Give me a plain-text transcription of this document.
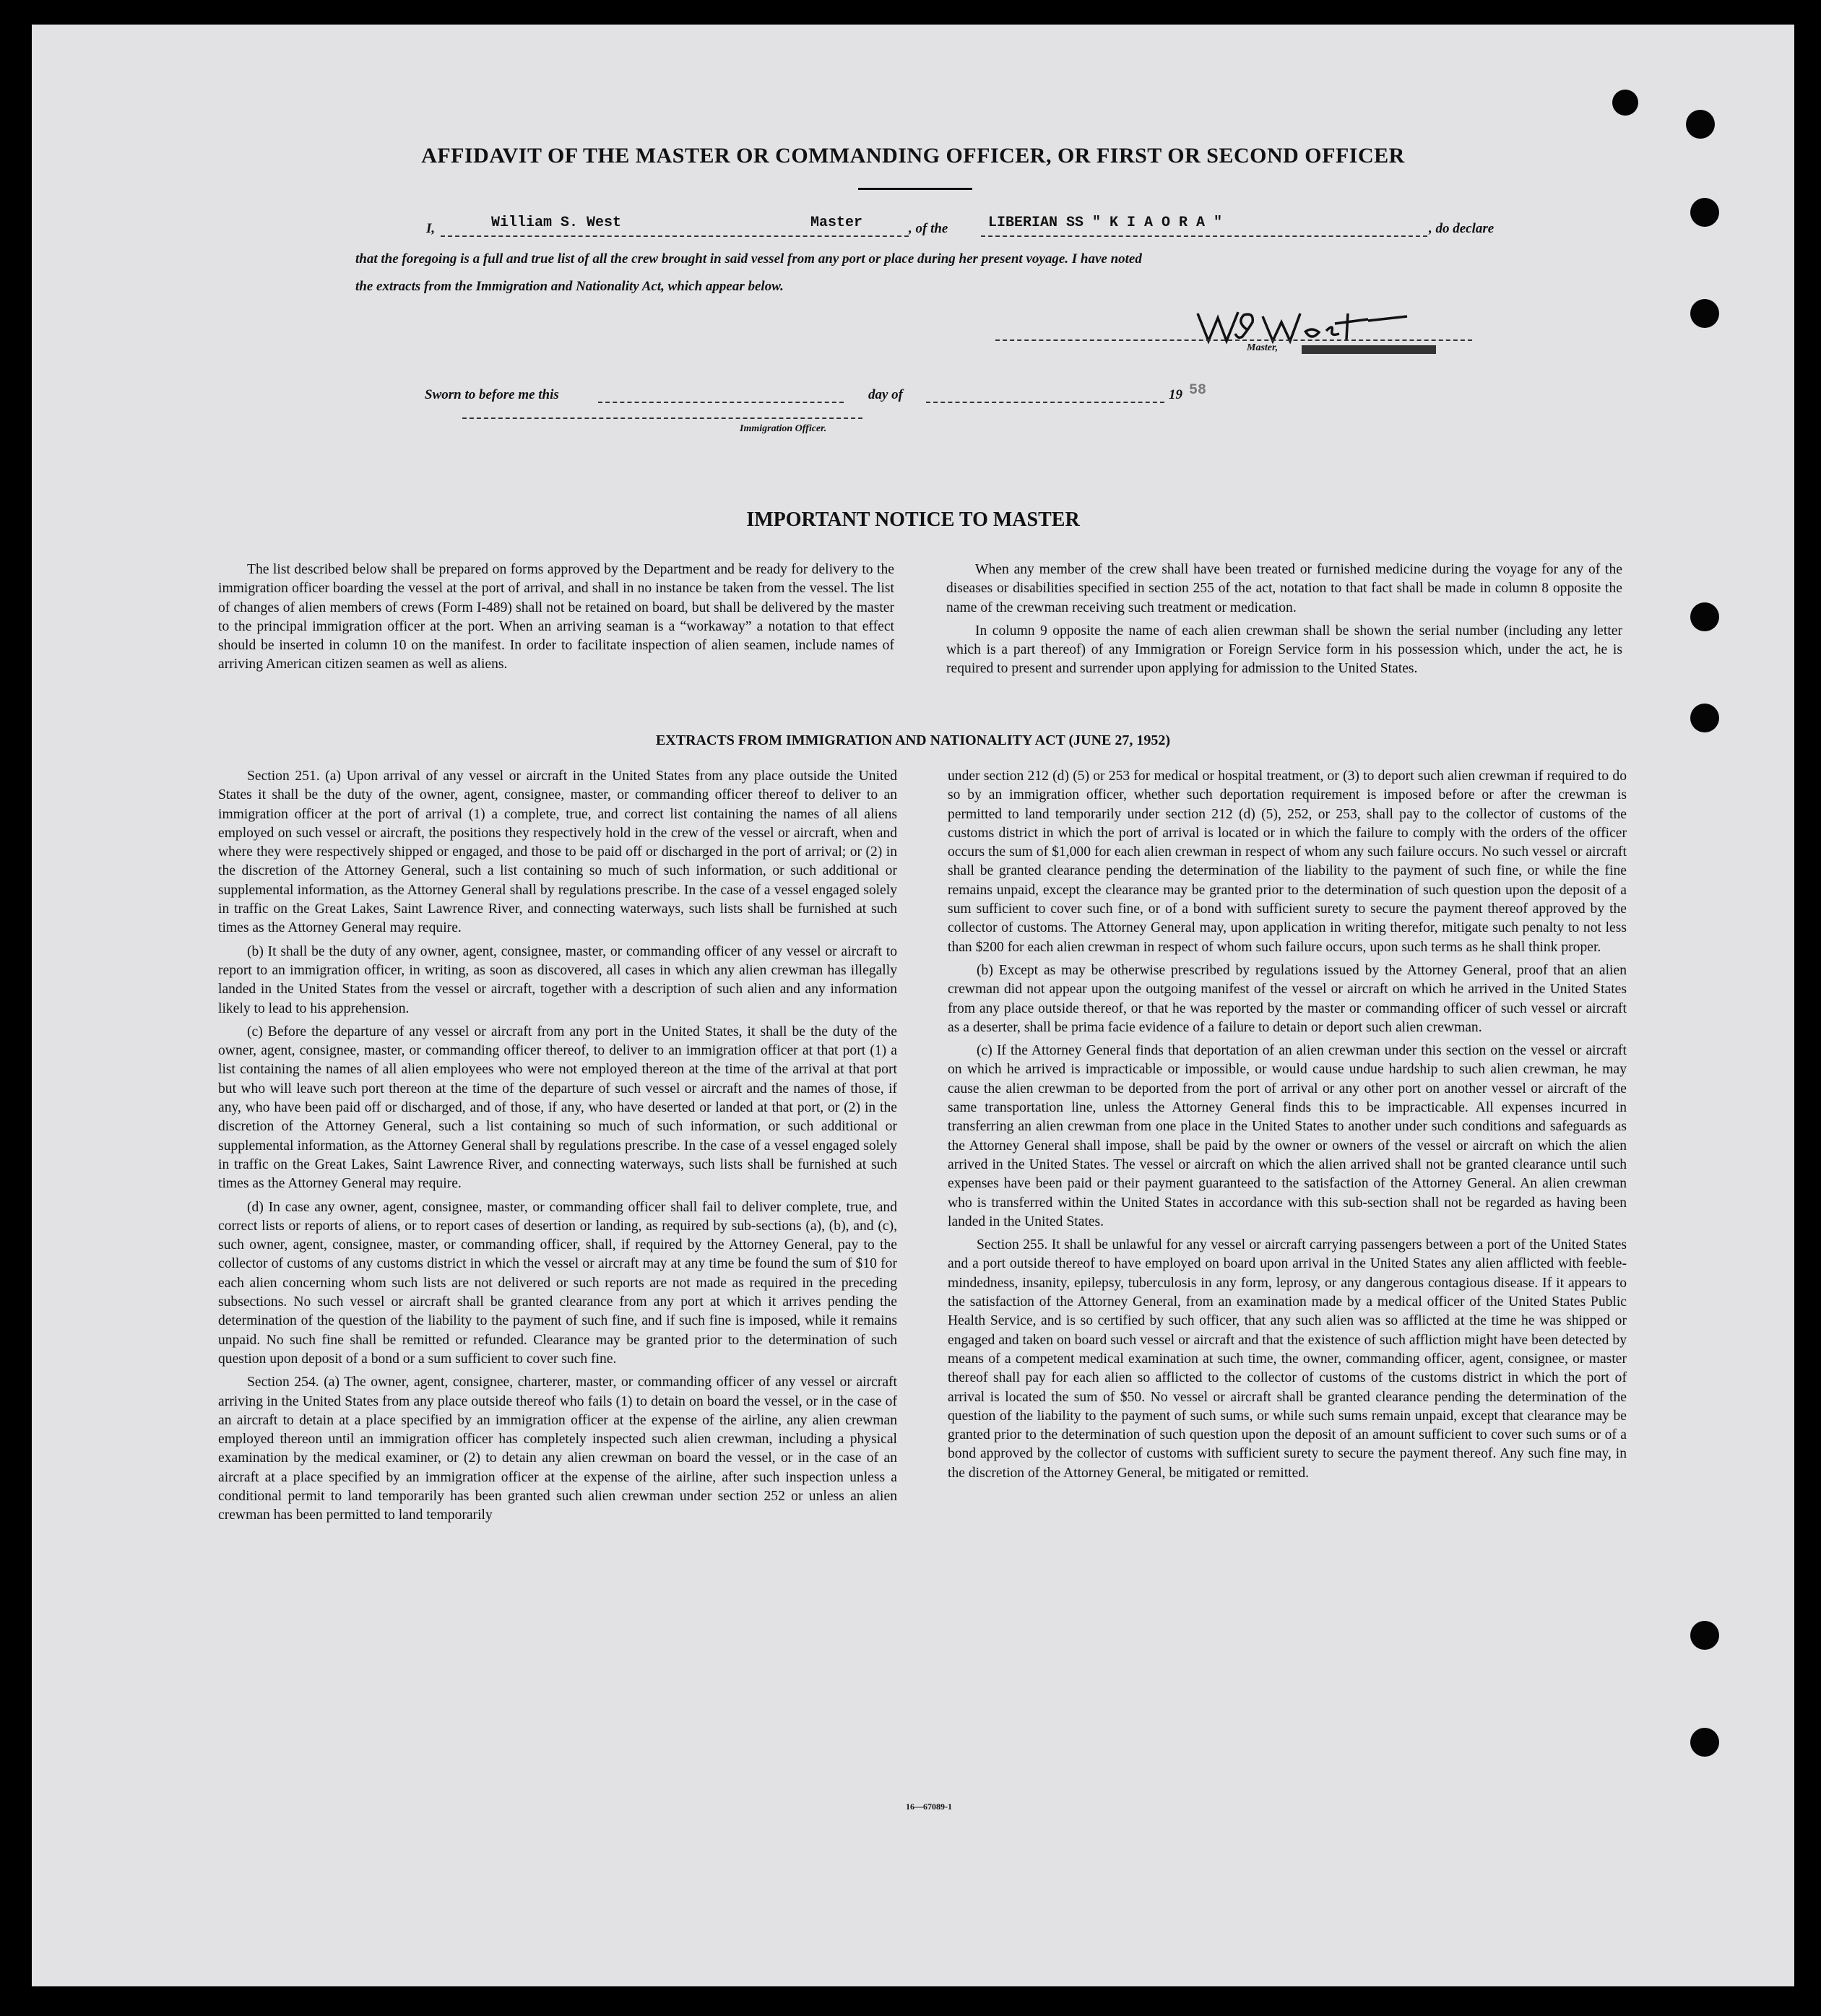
AFFIDAVIT OF THE MASTER OR COMMANDING OFFICER, OR FIRST OR SECOND OFFICER
I,	William S. West	Master	, of the	LIBERIAN SS " K I A O R A "	, do declare
that the foregoing is a full and true list of all the crew brought in said vessel from any port or place during her present voyage. I have noted
the extracts from the Immigration and Nationality Act, which appear below.
Master,
Sworn to before me this	day of	19 58
Immigration Officer.
IMPORTANT NOTICE TO MASTER

The list described below shall be prepared on forms approved by the Department and be ready for delivery to the immigration officer boarding the vessel at the port of arrival, and shall in no instance be taken from the vessel. The list of changes of alien members of crews (Form I-489) shall not be retained on board, but shall be delivered by the master to the principal immigration officer at the port. When an arriving seaman is a “workaway” a notation to that effect should be inserted in column 10 on the manifest. In order to facilitate inspection of alien seamen, include names of arriving American citizen seamen as well as aliens.

When any member of the crew shall have been treated or furnished medicine during the voyage for any of the diseases or disabilities specified in section 255 of the act, notation to that fact shall be made in column 8 opposite the name of the crewman receiving such treatment or medication.

In column 9 opposite the name of each alien crewman shall be shown the serial number (including any letter which is a part thereof) of any Immigration or Foreign Service form in his possession which, under the act, he is required to present and surrender upon applying for admission to the United States.

EXTRACTS FROM IMMIGRATION AND NATIONALITY ACT (JUNE 27, 1952)

Section 251. (a) Upon arrival of any vessel or aircraft in the United States from any place outside the United States it shall be the duty of the owner, agent, consignee, master, or commanding officer thereof to deliver to an immigration officer at the port of arrival (1) a complete, true, and correct list containing the names of all aliens employed on such vessel or aircraft, the positions they respectively hold in the crew of the vessel or aircraft, when and where they were respectively shipped or engaged, and those to be paid off or discharged in the port of arrival; or (2) in the discretion of the Attorney General, such a list containing so much of such information, or such additional or supplemental information, as the Attorney General shall by regulations prescribe. In the case of a vessel engaged solely in traffic on the Great Lakes, Saint Lawrence River, and connecting waterways, such lists shall be furnished at such times as the Attorney General may require.

(b) It shall be the duty of any owner, agent, consignee, master, or commanding officer of any vessel or aircraft to report to an immigration officer, in writing, as soon as discovered, all cases in which any alien crewman has illegally landed in the United States from the vessel or aircraft, together with a description of such alien and any information likely to lead to his apprehension.

(c) Before the departure of any vessel or aircraft from any port in the United States, it shall be the duty of the owner, agent, consignee, master, or commanding officer thereof, to deliver to an immigration officer at that port (1) a list containing the names of all alien employees who were not employed thereon at the time of the arrival at that port but who will leave such port thereon at the time of the departure of such vessel or aircraft and the names of those, if any, who have been paid off or discharged, and of those, if any, who have deserted or landed at that port, or (2) in the discretion of the Attorney General, such a list containing so much of such information, or such additional or supplemental information, as the Attorney General shall by regulations prescribe. In the case of a vessel engaged solely in traffic on the Great Lakes, Saint Lawrence River, and connecting waterways, such lists shall be furnished at such times as the Attorney General may require.

(d) In case any owner, agent, consignee, master, or commanding officer shall fail to deliver complete, true, and correct lists or reports of aliens, or to report cases of desertion or landing, as required by sub-sections (a), (b), and (c), such owner, agent, consignee, master, or commanding officer, shall, if required by the Attorney General, pay to the collector of customs of any customs district in which the vessel or aircraft may at any time be found the sum of $10 for each alien concerning whom such lists are not delivered or such reports are not made as required in the preceding subsections. No such vessel or aircraft shall be granted clearance from any port at which it arrives pending the determination of the question of the liability to the payment of such fine, and if such fine is imposed, while it remains unpaid. No such fine shall be remitted or refunded. Clearance may be granted prior to the determination of such question upon deposit of a bond or a sum sufficient to cover such fine.

Section 254. (a) The owner, agent, consignee, charterer, master, or commanding officer of any vessel or aircraft arriving in the United States from any place outside thereof who fails (1) to detain on board the vessel, or in the case of an aircraft to detain at a place specified by an immigration officer at the expense of the airline, any alien crewman employed thereon until an immigration officer has completely inspected such alien crewman, including a physical examination by the medical examiner, or (2) to detain any alien crewman on board the vessel, or in the case of an aircraft at a place specified by an immigration officer at the expense of the airline, after such inspection unless a conditional permit to land temporarily has been granted such alien crewman under section 252 or unless an alien crewman has been permitted to land temporarily

under section 212 (d) (5) or 253 for medical or hospital treatment, or (3) to deport such alien crewman if required to do so by an immigration officer, whether such deportation requirement is imposed before or after the crewman is permitted to land temporarily under section 212 (d) (5), 252, or 253, shall pay to the collector of customs of the customs district in which the port of arrival is located or in which the failure to comply with the orders of the officer occurs the sum of $1,000 for each alien crewman in respect of whom any such failure occurs. No such vessel or aircraft shall be granted clearance pending the determination of the liability to the payment of such fine, or while the fine remains unpaid, except the clearance may be granted prior to the determination of such question upon the deposit of a sum sufficient to cover such fine, or of a bond with sufficient surety to secure the payment thereof approved by the collector of customs. The Attorney General may, upon application in writing therefor, mitigate such penalty to not less than $200 for each alien crewman in respect of whom such failure occurs, upon such terms as he shall think proper.

(b) Except as may be otherwise prescribed by regulations issued by the Attorney General, proof that an alien crewman did not appear upon the outgoing manifest of the vessel or aircraft on which he arrived in the United States from any place outside thereof, or that he was reported by the master or commanding officer of such vessel or aircraft as a deserter, shall be prima facie evidence of a failure to detain or deport such alien crewman.

(c) If the Attorney General finds that deportation of an alien crewman under this section on the vessel or aircraft on which he arrived is impracticable or impossible, or would cause undue hardship to such alien crewman, he may cause the alien crewman to be deported from the port of arrival or any other port on another vessel or aircraft of the same transportation line, unless the Attorney General finds this to be impracticable. All expenses incurred in transferring an alien crewman from one place in the United States to another under such conditions and safeguards as the Attorney General shall impose, shall be paid by the owner or owners of the vessel or aircraft on which the alien arrived in the United States. The vessel or aircraft on which the alien arrived shall not be granted clearance until such expenses have been paid or their payment guaranteed to the satisfaction of the Attorney General. An alien crewman who is transferred within the United States in accordance with this sub-section shall not be regarded as having been landed in the United States.

Section 255. It shall be unlawful for any vessel or aircraft carrying passengers between a port of the United States and a port outside thereof to have employed on board upon arrival in the United States any alien afflicted with feeble-mindedness, insanity, epilepsy, tuberculosis in any form, leprosy, or any dangerous contagious disease. If it appears to the satisfaction of the Attorney General, from an examination made by a medical officer of the United States Public Health Service, and is so certified by such officer, that any such alien was so afflicted at the time he was shipped or engaged and taken on board such vessel or aircraft and that the existence of such affliction might have been detected by means of a competent medical examination at such time, the owner, commanding officer, agent, consignee, or master thereof shall pay for each alien so afflicted to the collector of customs of the customs district in which the port of arrival is located the sum of $50. No vessel or aircraft shall be granted clearance pending the determination of the question of the liability to the payment of such sums, or while such sums remain unpaid, except that clearance may be granted prior to the determination of such question upon the deposit of an amount sufficient to cover such sums or of a bond approved by the collector of customs with sufficient surety to secure the payment thereof. Any such fine may, in the discretion of the Attorney General, be mitigated or remitted.

16—67089-1
